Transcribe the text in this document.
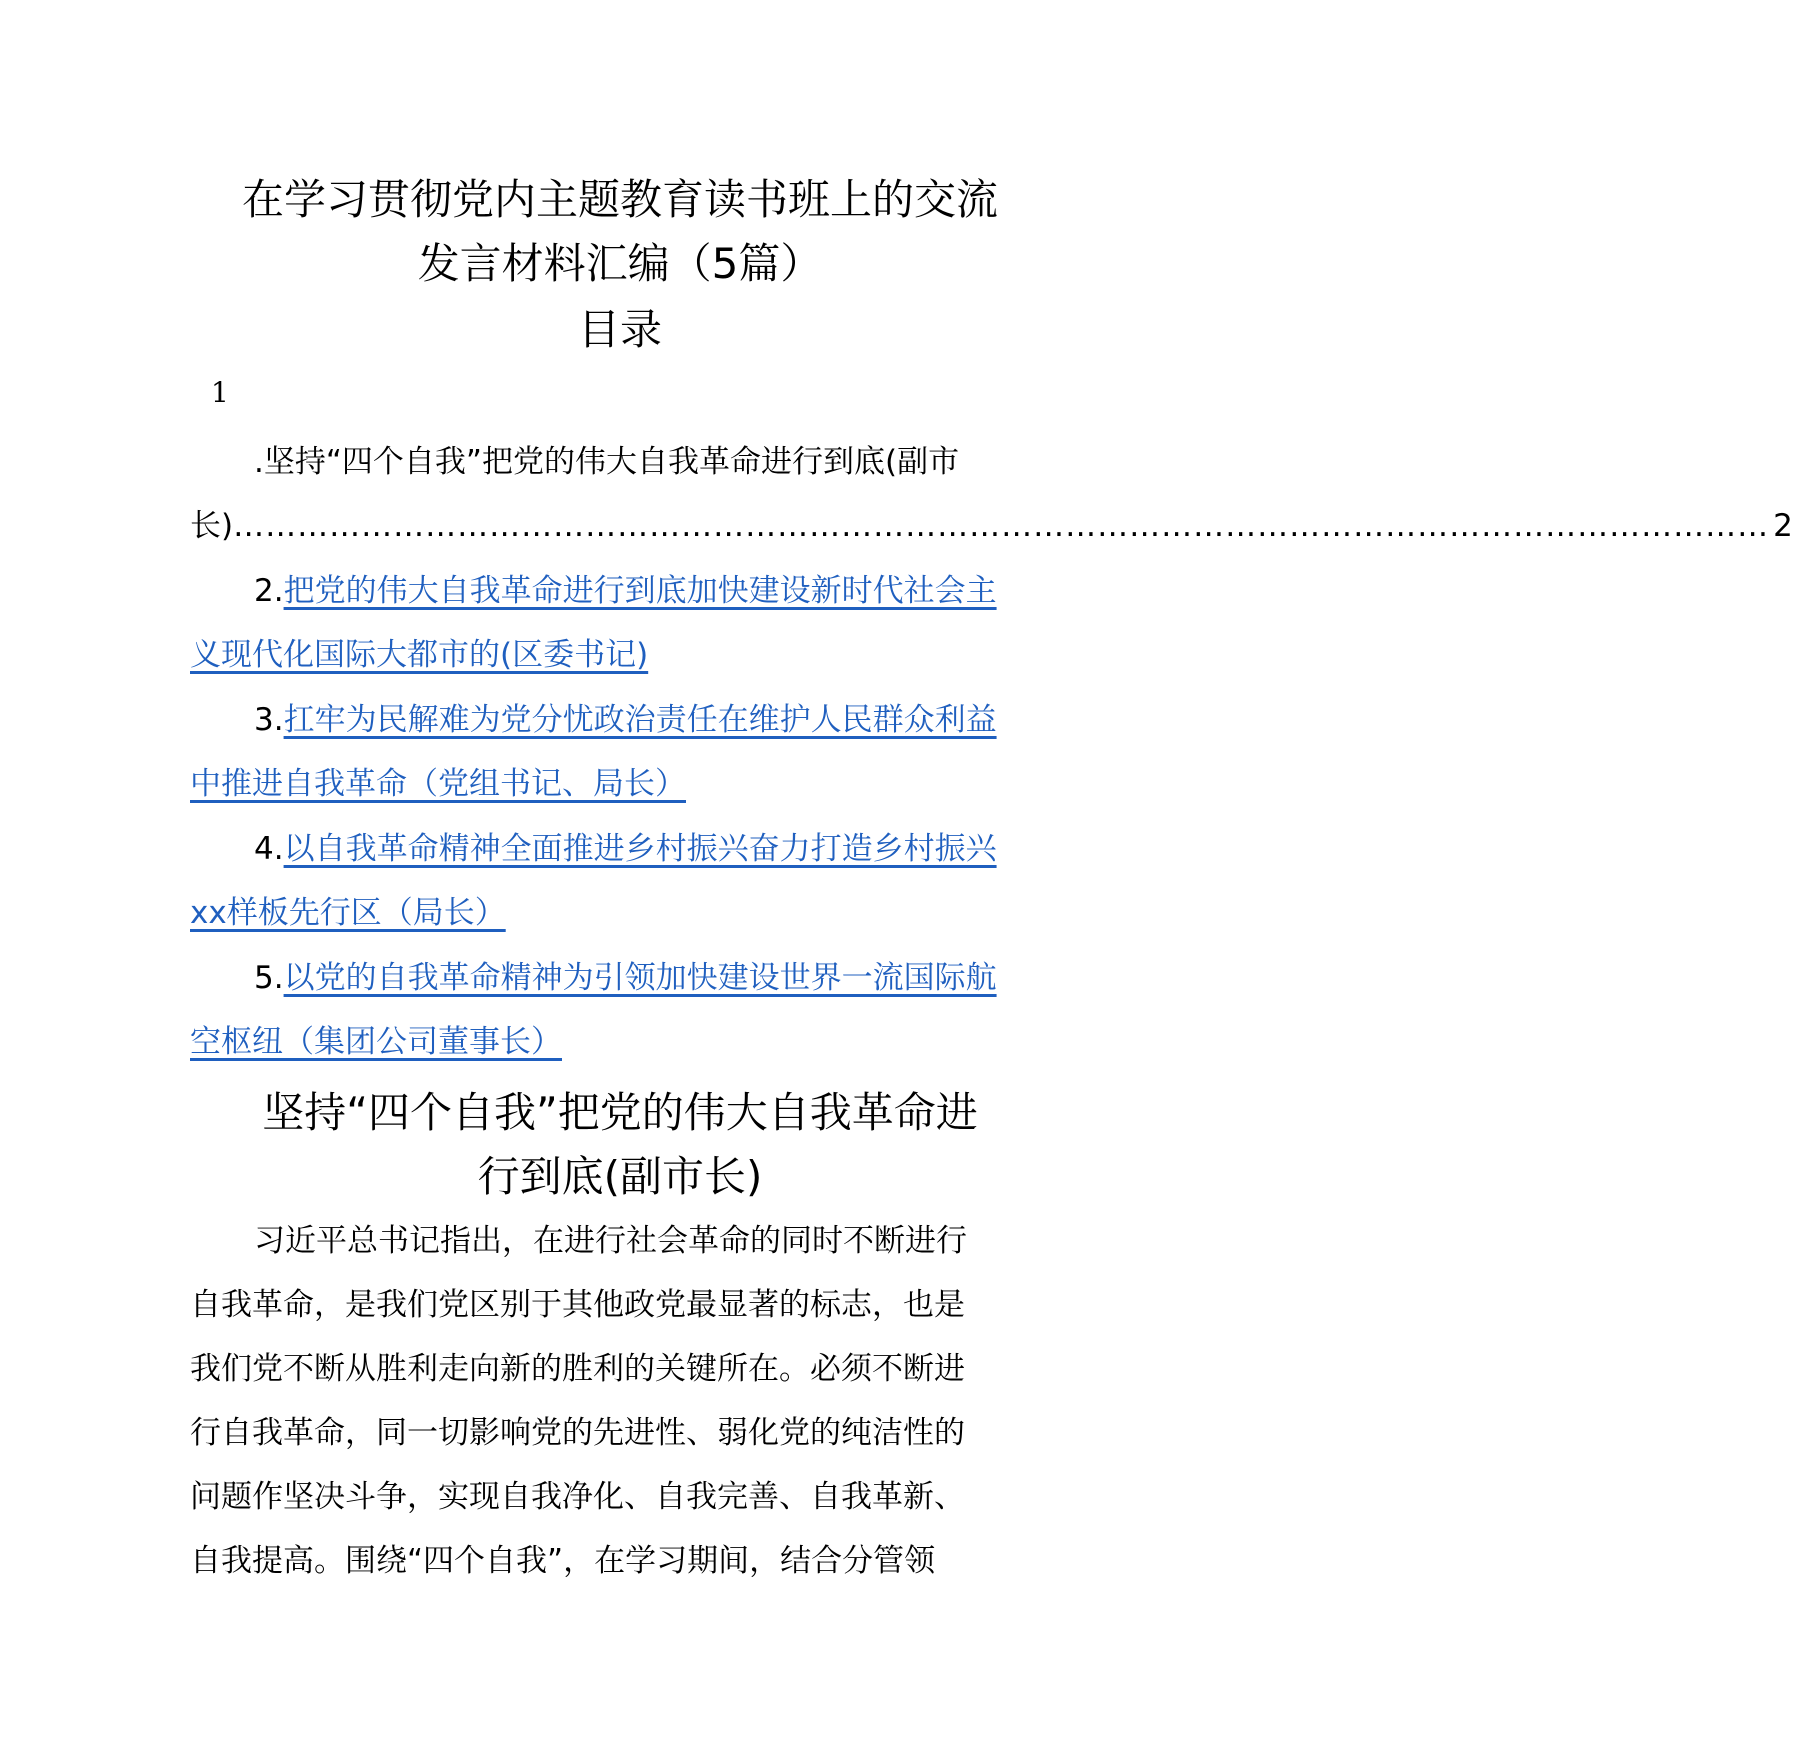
在学习贯彻党内主题教育读书班上的交流
发言材料汇编（5篇）
目录
1
.坚持“四个自我”把党的伟大自我革命进行到底(副市
长) ……………………………………………………………………………………………………………………………… 2
2.把党的伟大自我革命进行到底加快建设新时代社会主
义现代化国际大都市的(区委书记)
3.扛牢为民解难为党分忧政治责任在维护人民群众利益
中推进自我革命（党组书记、局长）
4.以自我革命精神全面推进乡村振兴奋力打造乡村振兴
xx样板先行区（局长）
5.以党的自我革命精神为引领加快建设世界一流国际航
空枢纽（集团公司董事长）
坚持“四个自我”把党的伟大自我革命进
行到底(副市长)
习近平总书记指出，在进行社会革命的同时不断进行
自我革命，是我们党区别于其他政党最显著的标志，也是
我们党不断从胜利走向新的胜利的关键所在。必须不断进
行自我革命，同一切影响党的先进性、弱化党的纯洁性的
问题作坚决斗争，实现自我净化、自我完善、自我革新、
自我提高。围绕“四个自我”，在学习期间，结合分管领
